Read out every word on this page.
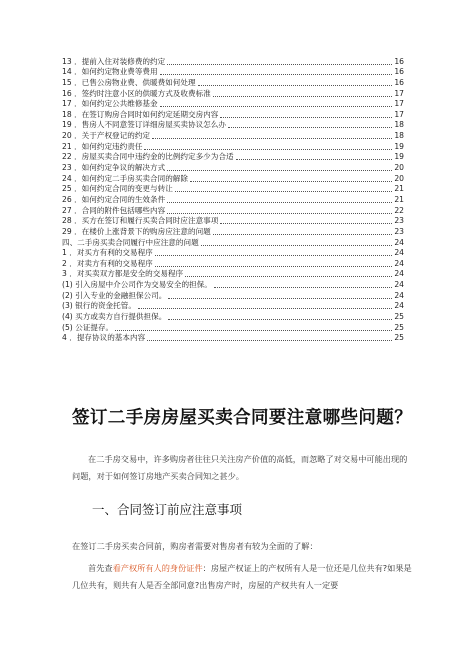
13 ．提前入住对装修费的约定	16
14 ．如何约定物业费等费用	16
15 ．已售公房物业费、供暖费如何处理	16
16 ．签约时注意小区的供暖方式及收费标准	17
17 ．如何约定公共维修基金	17
18 ．在签订购房合同时如何约定延期交房内容	17
19 ．售房人不同意签订详细房屋买卖协议怎么办	18
20 ．关于产权登记的约定	18
21 ．如何约定违约责任	19
22 ．房屋买卖合同中违约金的比例约定多少为合适	19
23 ．如何约定争议的解决方式	20
24 ．如何约定二手房买卖合同的解除	20
25 ．如何约定合同的变更与转让	21
26 ．如何约定合同的生效条件	21
27 ．合同的附件包括哪些内容	22
28 ．买方在签订和履行买卖合同时应注意事项	23
29 ．在楼价上涨背景下的购房应注意的问题	23
四、二手房买卖合同履行中应注意的问题	24
1 ．对买方有利的交易程序	24
2 ．对卖方有利的交易程序	24
3 ．对买卖双方都是安全的交易程序	24
(1) 引入房屋中介公司作为交易安全的担保。	24
(2) 引入专业的金融担保公司。	24
(3) 银行的资金托管。	24
(4) 买方或卖方自行提供担保。	25
(5) 公证提存。	25
4 ．提存协议的基本内容	25
签订二手房房屋买卖合同要注意哪些问题？
在二手房交易中，许多购房者往往只关注房产价值的高低，而忽略了对交易中可能出现的问题，对于如何签订房地产买卖合同知之甚少。
一、合同签订前应注意事项
在签订二手房买卖合同前，购房者需要对售房者有较为全面的了解：
首先查看产权所有人的身份证件：房屋产权证上的产权所有人是一位还是几位共有?如果是几位共有，则共有人是否全部同意?出售房产时，房屋的产权共有人一定要
